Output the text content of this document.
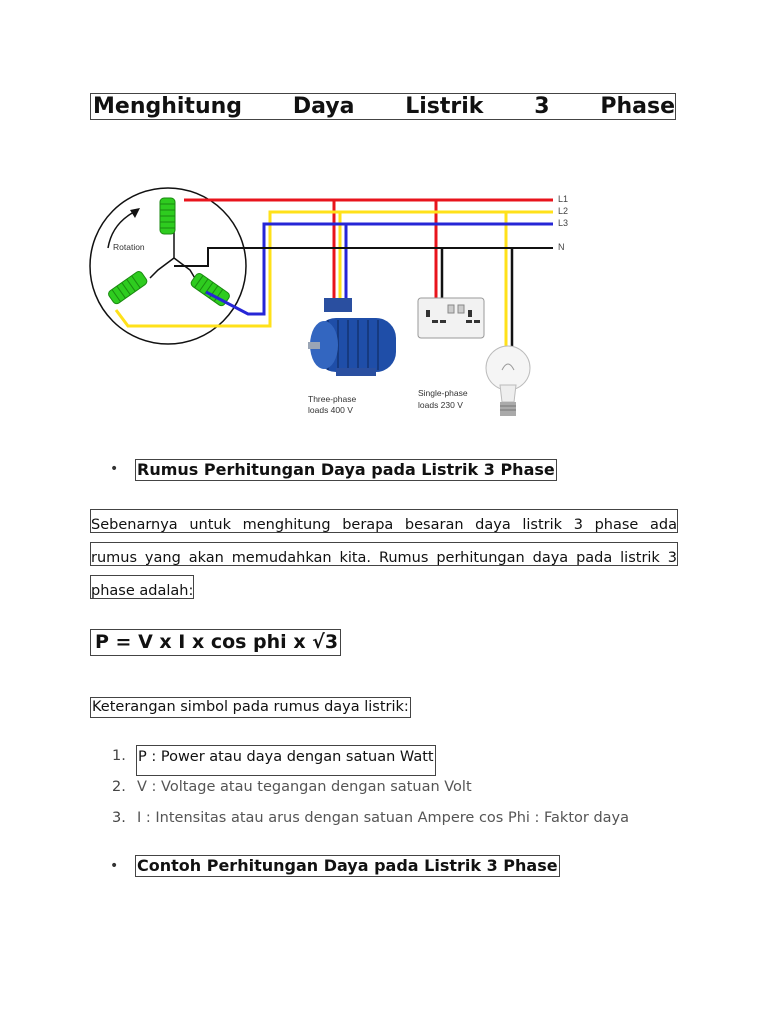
Menghitung Daya Listrik 3 Phase
Rotation
L1
L2
L3
N
Three-phase
loads 400 V
Single-phase
loads 230 V
• Rumus Perhitungan Daya pada Listrik 3 Phase
Sebenarnya untuk menghitung berapa besaran daya listrik 3 phase ada
rumus yang akan memudahkan kita. Rumus perhitungan daya pada listrik 3
phase adalah:
P = V x I x cos phi x √3
Keterangan simbol pada rumus daya listrik:
1. P : Power atau daya dengan satuan Watt
2. V : Voltage atau tegangan dengan satuan Volt
3. I : Intensitas atau arus dengan satuan Ampere cos Phi : Faktor daya
• Contoh Perhitungan Daya pada Listrik 3 Phase
